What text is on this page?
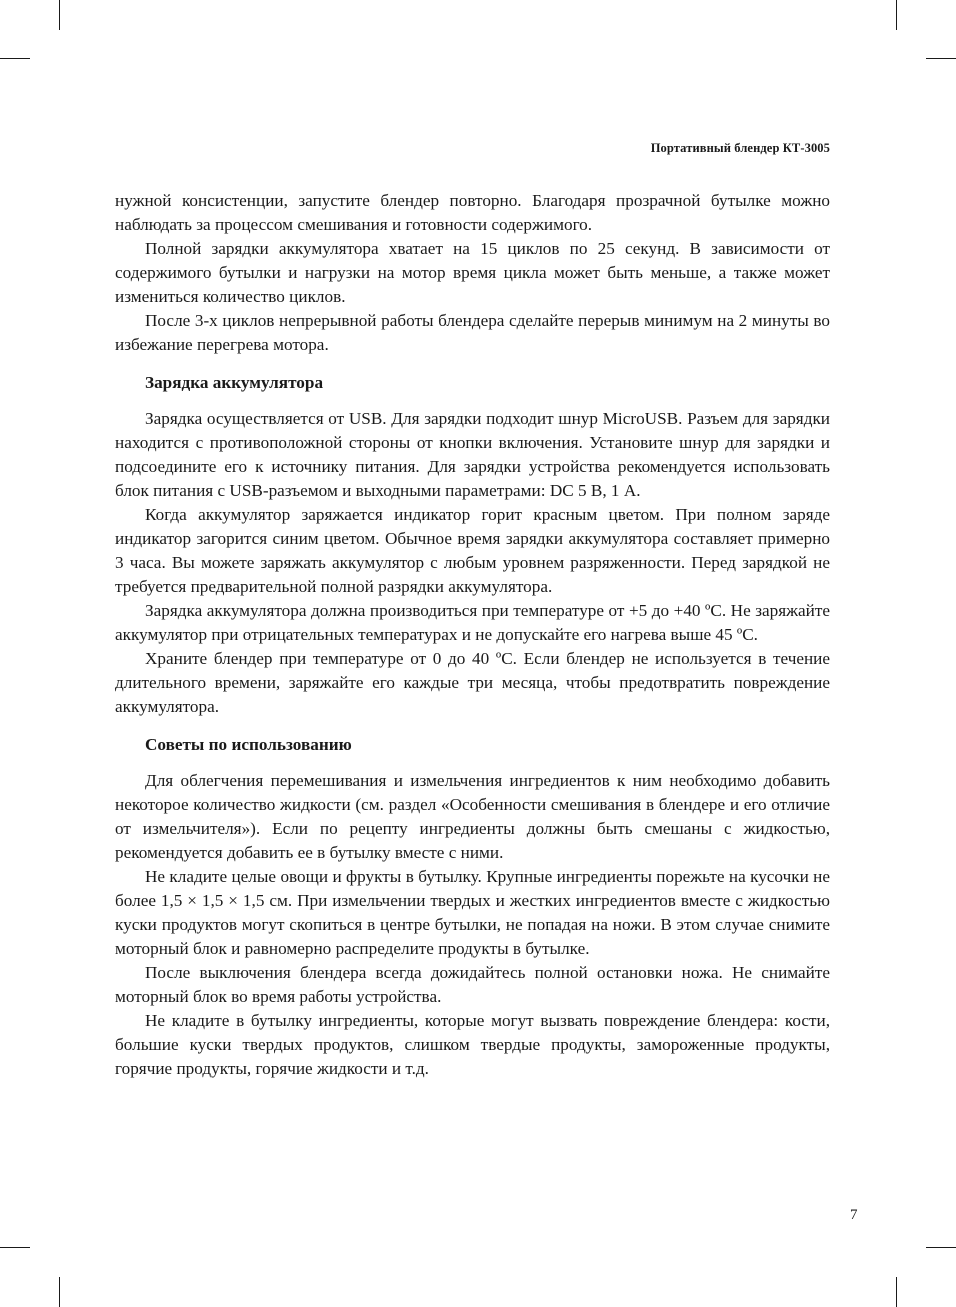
Портативный блендер КТ-3005

нужной консистенции, запустите блендер повторно. Благодаря прозрачной бутылке можно наблюдать за процессом смешивания и готовности содержимого.

Полной зарядки аккумулятора хватает на 15 циклов по 25 секунд. В зависимости от содержимого бутылки и нагрузки на мотор время цикла может быть меньше, а также может измениться количество циклов.

После 3-х циклов непрерывной работы блендера сделайте перерыв минимум на 2 минуты во избежание перегрева мотора.

Зарядка аккумулятора

Зарядка осуществляется от USB. Для зарядки подходит шнур MicroUSB. Разъем для зарядки находится с противоположной стороны от кнопки включения. Установите шнур для зарядки и подсоедините его к источнику питания. Для зарядки устройства рекомендуется использовать блок питания с USB-разъемом и выходными параметрами: DC 5 В, 1 А.

Когда аккумулятор заряжается индикатор горит красным цветом. При полном заряде индикатор загорится синим цветом. Обычное время зарядки аккумулятора составляет примерно 3 часа. Вы можете заряжать аккумулятор с любым уровнем разряженности. Перед зарядкой не требуется предварительной полной разрядки аккумулятора.

Зарядка аккумулятора должна производиться при температуре от +5 до +40 ºС. Не заряжайте аккумулятор при отрицательных температурах и не допускайте его нагрева выше 45 ºС.

Храните блендер при температуре от 0 до 40 ºС. Если блендер не используется в течение длительного времени, заряжайте его каждые три месяца, чтобы предотвратить повреждение аккумулятора.

Советы по использованию

Для облегчения перемешивания и измельчения ингредиентов к ним необходимо добавить некоторое количество жидкости (см. раздел «Особенности смешивания в блендере и его отличие от измельчителя»). Если по рецепту ингредиенты должны быть смешаны с жидкостью, рекомендуется добавить ее в бутылку вместе с ними.

Не кладите целые овощи и фрукты в бутылку. Крупные ингредиенты порежьте на кусочки не более 1,5 × 1,5 × 1,5 см. При измельчении твердых и жестких ингредиентов вместе с жидкостью куски продуктов могут скопиться в центре бутылки, не попадая на ножи. В этом случае снимите моторный блок и равномерно распределите продукты в бутылке.

После выключения блендера всегда дожидайтесь полной остановки ножа. Не снимайте моторный блок во время работы устройства.

Не кладите в бутылку ингредиенты, которые могут вызвать повреждение блендера: кости, большие куски твердых продуктов, слишком твердые продукты, замороженные продукты, горячие продукты, горячие жидкости и т.д.

7
